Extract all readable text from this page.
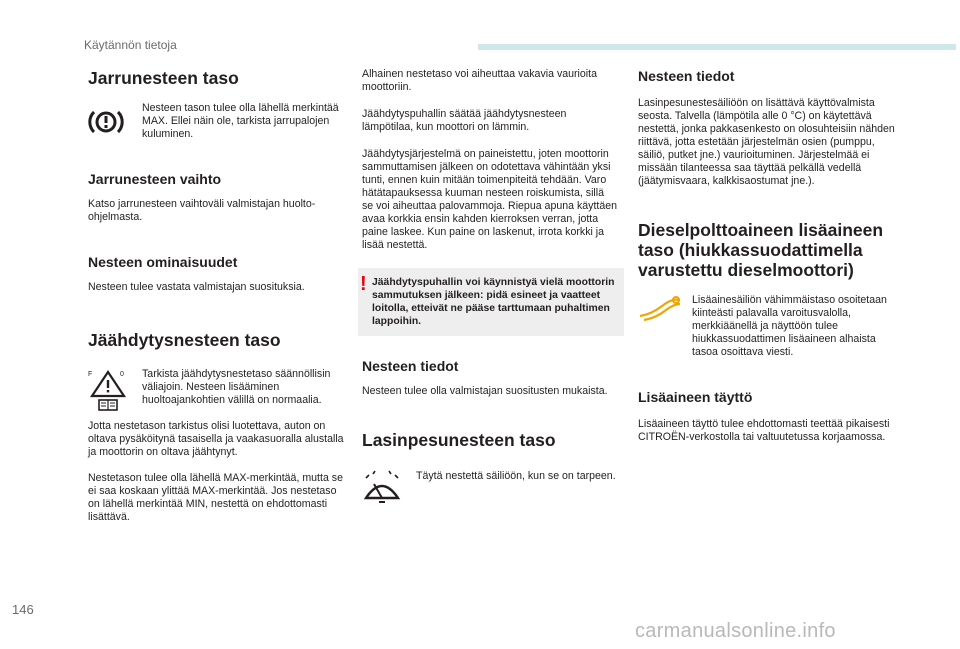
Käytännön tietoja
Jarrunesteen taso

Nesteen tason tulee olla lähellä merkintää MAX. Ellei näin ole, tarkista jarrupalojen kuluminen.

Jarrunesteen vaihto

Katso jarrunesteen vaihtoväli valmistajan huolto-ohjelmasta.

Nesteen ominaisuudet

Nesteen tulee vastata valmistajan suosituksia.

Jäähdytysnesteen taso
F	0 Tarkista jäähdytysnestetaso säännöllisin väliajoin. Nesteen lisääminen huoltoajankohtien välillä on normaalia.

Jotta nestetason tarkistus olisi luotettava, auton on oltava pysäköitynä tasaisella ja vaakasuoralla alustalla ja moottorin on oltava jäähtynyt.

Nestetason tulee olla lähellä MAX-merkintää, mutta se ei saa koskaan ylittää MAX-merkintää. Jos nestetaso on lähellä merkintää MIN, nestettä on ehdottomasti lisättävä.

Alhainen nestetaso voi aiheuttaa vakavia vaurioita moottoriin.

Jäähdytyspuhallin säätää jäähdytysnesteen lämpötilaa, kun moottori on lämmin.

Jäähdytysjärjestelmä on paineistettu, joten moottorin sammuttamisen jälkeen on odotettava vähintään yksi tunti, ennen kuin mitään toimenpiteitä tehdään. Varo hätätapauksessa kuuman nesteen roiskumista, sillä se voi aiheuttaa palovammoja. Riepua apuna käyttäen avaa korkkia ensin kahden kierroksen verran, jotta paine laskee. Kun paine on laskenut, irrota korkki ja lisää nestettä.

! Jäähdytyspuhallin voi käynnistyä vielä moottorin sammutuksen jälkeen: pidä esineet ja vaatteet loitolla, etteivät ne pääse tarttumaan puhaltimen lappoihin.

Nesteen tiedot

Nesteen tulee olla valmistajan suositusten mukaista.

Lasinpesunesteen taso

Täytä nestettä säiliöön, kun se on tarpeen.

Nesteen tiedot

Lasinpesunestesäiliöön on lisättävä käyttövalmista seosta. Talvella (lämpötila alle 0 °C) on käytettävä nestettä, jonka pakkasenkesto on olosuhteisiin nähden riittävä, jotta estetään järjestelmän osien (pumppu, säiliö, putket jne.) vaurioituminen. Järjestelmää ei missään tilanteessa saa täyttää pelkällä vedellä (jäätymisvaara, kalkkisaostumat jne.).

Dieselpolttoaineen lisäaineen taso (hiukkassuodattimella varustettu dieselmoottori)

Lisäainesäiliön vähimmäistaso osoitetaan kiinteästi palavalla varoitusvalolla, merkkiäänellä ja näyttöön tulee hiukkassuodattimen lisäaineen alhaista tasoa osoittava viesti.

Lisäaineen täyttö

Lisäaineen täyttö tulee ehdottomasti teettää pikaisesti CITROËN-verkostolla tai valtuutetussa korjaamossa.

146
carmanualsonline.info
